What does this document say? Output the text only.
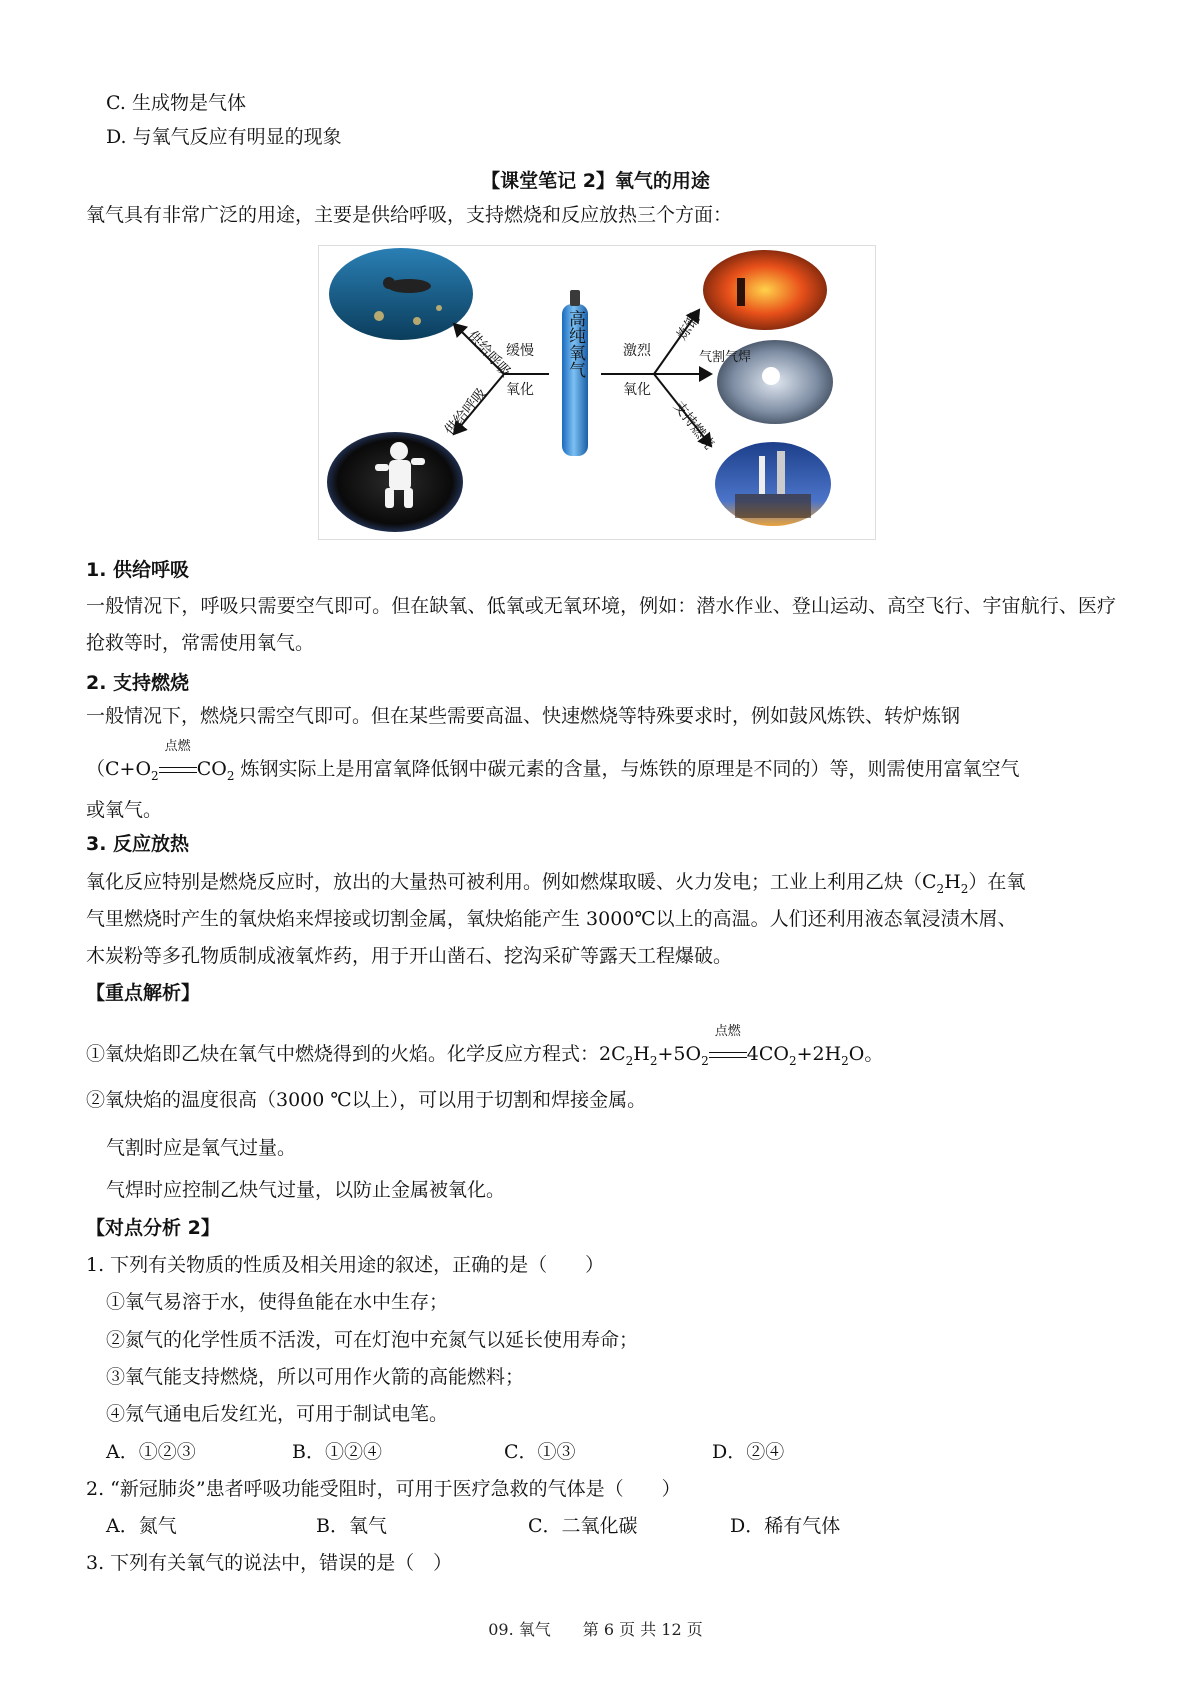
C. 生成物是气体
D. 与氧气反应有明显的现象
【课堂笔记 2】氧气的用途
氧气具有非常广泛的用途，主要是供给呼吸，支持燃烧和反应放热三个方面：
高纯氧气
缓慢
氧化
激烈
氧化
供给呼吸
供给呼吸
炼钢
气割气焊
支持燃烧
1. 供给呼吸
一般情况下，呼吸只需要空气即可。但在缺氧、低氧或无氧环境，例如：潜水作业、登山运动、高空飞行、宇宙航行、医疗抢救等时，常需使用氧气。
2. 支持燃烧
一般情况下，燃烧只需空气即可。但在某些需要高温、快速燃烧等特殊要求时，例如鼓风炼铁、转炉炼钢
（$C+O_2$
点燃
$CO_2$ 炼钢实际上是用富氧降低钢中碳元素的含量，与炼铁的原理是不同的）等，则需使用富氧空气
或氧气。
3. 反应放热
氧化反应特别是燃烧反应时，放出的大量热可被利用。例如燃煤取暖、火力发电；工业上利用乙炔$(C_2H_2)$在氧
气里燃烧时产生的氧炔焰来焊接或切割金属，氧炔焰能产生 3000℃以上的高温。人们还利用液态氧浸渍木屑、
木炭粉等多孔物质制成液氧炸药，用于开山凿石、挖沟采矿等露天工程爆破。
【重点解析】
①氧炔焰即乙炔在氧气中燃烧得到的火焰。化学反应方程式：$2C_2H_2+5O_2$
点燃
$4CO_2+2H_2O$。
②氧炔焰的温度很高（3000 ℃以上），可以用于切割和焊接金属。
气割时应是氧气过量。
气焊时应控制乙炔气过量，以防止金属被氧化。
【对点分析 2】
1. 下列有关物质的性质及相关用途的叙述，正确的是（　　）
①氧气易溶于水，使得鱼能在水中生存；
②氮气的化学性质不活泼，可在灯泡中充氮气以延长使用寿命；
③氧气能支持燃烧，所以可用作火箭的高能燃料；
④氖气通电后发红光，可用于制试电笔。
A．①②③	B．①②④	C．①③	D．②④
2. “新冠肺炎”患者呼吸功能受阻时，可用于医疗急救的气体是（　　）
A．氮气	B．氧气	C．二氧化碳	D．稀有气体
3. 下列有关氧气的说法中，错误的是（　）
09. 氧气　　第 6 页 共 12 页
